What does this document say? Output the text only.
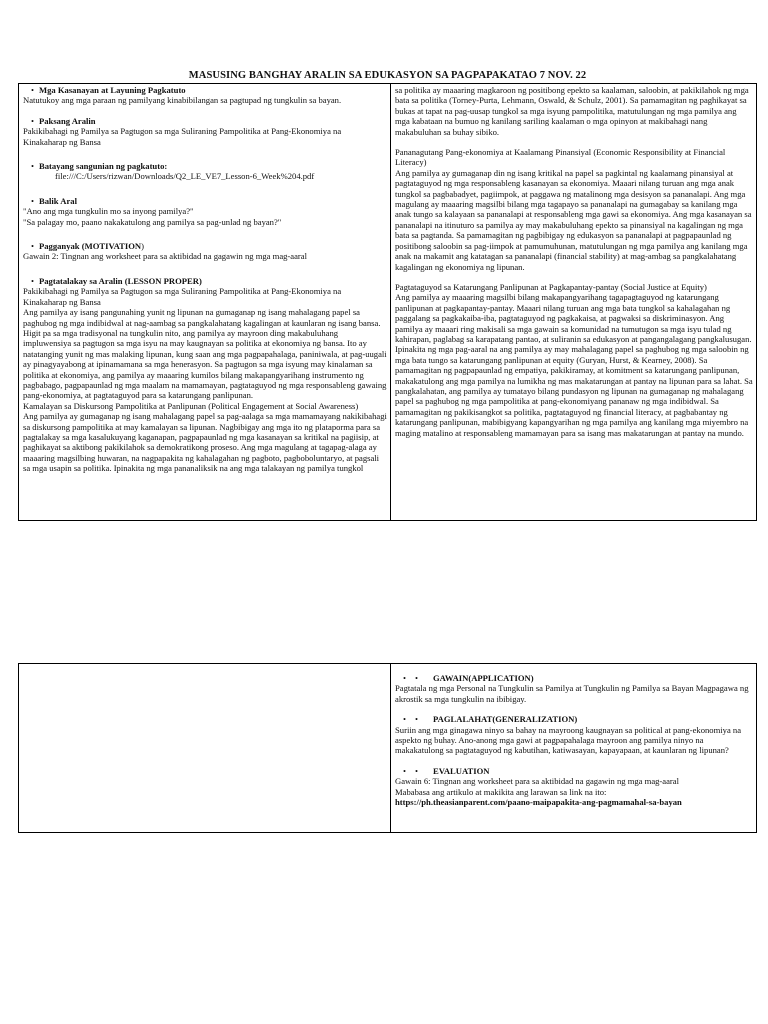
MASUSING BANGHAY ARALIN SA EDUKASYON SA PAGPAPAKATAO 7 NOV. 22
• Mga Kasanayan at Layuning Pagkatuto

Natutukoy ang mga paraan ng pamilyang kinabibilangan sa pagtupad ng tungkulin sa bayan.

• Paksang Aralin

Pakikibahagi ng Pamilya sa Pagtugon sa mga Suliraning Pampolitika at Pang-Ekonomiya na Kinakaharap ng Bansa

• Batayang sangunian ng pagkatuto:
file:///C:/Users/rizwan/Downloads/Q2_LE_VE7_Lesson-6_Week%204.pdf
• Balik Aral

"Ano ang mga tungkulin mo sa inyong pamilya?"

"Sa palagay mo, paano nakakatulong ang pamilya sa pag-unlad ng bayan?"

• Pagganyak (MOTIVATION)

Gawain 2: Tingnan ang worksheet para sa aktibidad na gagawin ng mga mag-aaral

• Pagtatalakay sa Aralin (LESSON PROPER)

Pakikibahagi ng Pamilya sa Pagtugon sa mga Suliraning Pampolitika at Pang-Ekonomiya na Kinakaharap ng Bansa

Ang pamilya ay isang pangunahing yunit ng lipunan na gumaganap ng isang mahalagang papel sa paghubog ng mga indibidwal at nag-aambag sa pangkalahatang kagalingan at kaunlaran ng isang bansa. Higit pa sa mga tradisyonal na tungkulin nito, ang pamilya ay mayroon ding makabuluhang impluwensiya sa pagtugon sa mga isyu na may kaugnayan sa politika at ekonomiya ng bansa. Ito ay natatanging yunit ng mas malaking lipunan, kung saan ang mga pagpapahalaga, paniniwala, at pag-uugali ay pinagyayabong at ipinamamana sa mga henerasyon. Sa pagtugon sa mga isyung may kinalaman sa politika at ekonomiya, ang pamilya ay maaaring kumilos bilang makapangyarihang instrumento ng pagbabago, pagpapaunlad ng mga maalam na mamamayan, pagtataguyod ng mga responsableng gawaing pang-ekonomiya, at pagtataguyod para sa katarungang panlipunan.

Kamalayan sa Diskursong Pampolitika at Panlipunan (Political Engagement at Social Awareness)

Ang pamilya ay gumaganap ng isang mahalagang papel sa pag-aalaga sa mga mamamayang nakikibahagi sa diskursong pampolitika at may kamalayan sa lipunan. Nagbibigay ang mga ito ng plataporma para sa pagtalakay sa mga kasalukuyang kaganapan, pagpapaunlad ng mga kasanayan sa kritikal na pagiisip, at paghikayat sa aktibong pakikilahok sa demokratikong proseso. Ang mga magulang at tagapag-alaga ay maaaring magsilbing huwaran, na nagpapakita ng kahalagahan ng pagboto, pagboboluntaryo, at pagsali sa mga usapin sa politika. Ipinakita ng mga pananaliksik na ang mga talakayan ng pamilya tungkol

sa politika ay maaaring magkaroon ng positibong epekto sa kaalaman, saloobin, at pakikilahok ng mga bata sa politika (Torney-Purta, Lehmann, Oswald, & Schulz, 2001). Sa pamamagitan ng paghikayat sa bukas at tapat na pag-uusap tungkol sa mga isyung pampolitika, matutulungan ng mga pamilya ang mga kabataan na bumuo ng kanilang sariling kaalaman o mga opinyon at makibahagi nang makabuluhan sa buhay sibiko.

Pananagutang Pang-ekonomiya at Kaalamang Pinansiyal (Economic Responsibility at Financial Literacy)

Ang pamilya ay gumaganap din ng isang kritikal na papel sa pagkintal ng kaalamang pinansiyal at pagtataguyod ng mga responsableng kasanayan sa ekonomiya. Maaari nilang turuan ang mga anak tungkol sa pagbabadyet, pagiimpok, at paggawa ng matalinong mga desisyon sa pananalapi. Ang mga magulang ay maaaring magsilbi bilang mga tagapayo sa pananalapi na gumagabay sa kanilang mga anak tungo sa kalayaan sa pananalapi at responsableng mga gawi sa ekonomiya. Ang mga kasanayan sa pananalapi na itinuturo sa pamilya ay may makabuluhang epekto sa pinansiyal na kagalingan ng mga bata sa pagtanda. Sa pamamagitan ng pagbibigay ng edukasyon sa pananalapi at pagpapaunlad ng positibong saloobin sa pag-iimpok at pamumuhunan, matutulungan ng mga pamilya ang kanilang mga anak na makamit ang katatagan sa pananalapi (financial stability) at mag-ambag sa pangkalahatang kagalingan ng ekonomiya ng lipunan.

Pagtataguyod sa Katarungang Panlipunan at Pagkapantay-pantay (Social Justice at Equity)

Ang pamilya ay maaaring magsilbi bilang makapangyarihang tagapagtaguyod ng katarungang panlipunan at pagkapantay-pantay. Maaari nilang turuan ang mga bata tungkol sa kahalagahan ng paggalang sa pagkakaiba-iba, pagtataguyod ng pagkakaisa, at pagwaksi sa diskriminasyon. Ang pamilya ay maaari ring makisali sa mga gawain sa komunidad na tumutugon sa mga isyu tulad ng kahirapan, paglabag sa karapatang pantao, at suliranin sa edukasyon at pangangalagang pangkalusugan. Ipinakita ng mga pag-aaral na ang pamilya ay may mahalagang papel sa paghubog ng mga saloobin ng mga bata tungo sa katarungang panlipunan at equity (Guryan, Hurst, & Kearney, 2008). Sa pamamagitan ng pagpapaunlad ng empatiya, pakikiramay, at komitment sa katarungang panlipunan, makakatulong ang mga pamilya na lumikha ng mas makatarungan at pantay na lipunan para sa lahat. Sa pangkalahatan, ang pamilya ay tumatayo bilang pundasyon ng lipunan na gumaganap ng mahalagang papel sa paghubog ng mga pampolitika at pang-ekonomiyang pananaw ng mga indibidwal. Sa pamamagitan ng pakikisangkot sa politika, pagtataguyod ng financial literacy, at pagbabantay ng katarungang panlipunan, mabibigyang kapangyarihan ng mga pamilya ang kanilang mga miyembro na maging matalino at responsableng mamamayan para sa isang mas makatarungan at pantay na mundo.

• • GAWAIN(APPLICATION)

Pagtatala ng mga Personal na Tungkulin sa Pamilya at Tungkulin ng Pamilya sa Bayan Magpagawa ng akrostik sa mga tungkulin na ibibigay.

• • PAGLALAHAT(GENERALIZATION)

Suriin ang mga ginagawa ninyo sa bahay na mayroong kaugnayan sa political at pang-ekonomiya na aspekto ng buhay. Ano-anong mga gawi at pagpapahalaga mayroon ang pamilya ninyo na makakatulong sa pagtataguyod ng kabutihan, katiwasayan, kapayapaan, at kaunlaran ng lipunan?

• • EVALUATION

Gawain 6: Tingnan ang worksheet para sa aktibidad na gagawin ng mga mag-aaral

Mababasa ang artikulo at makikita ang larawan sa link na ito:

https://ph.theasianparent.com/paano-maipapakita-ang-pagmamahal-sa-bayan
